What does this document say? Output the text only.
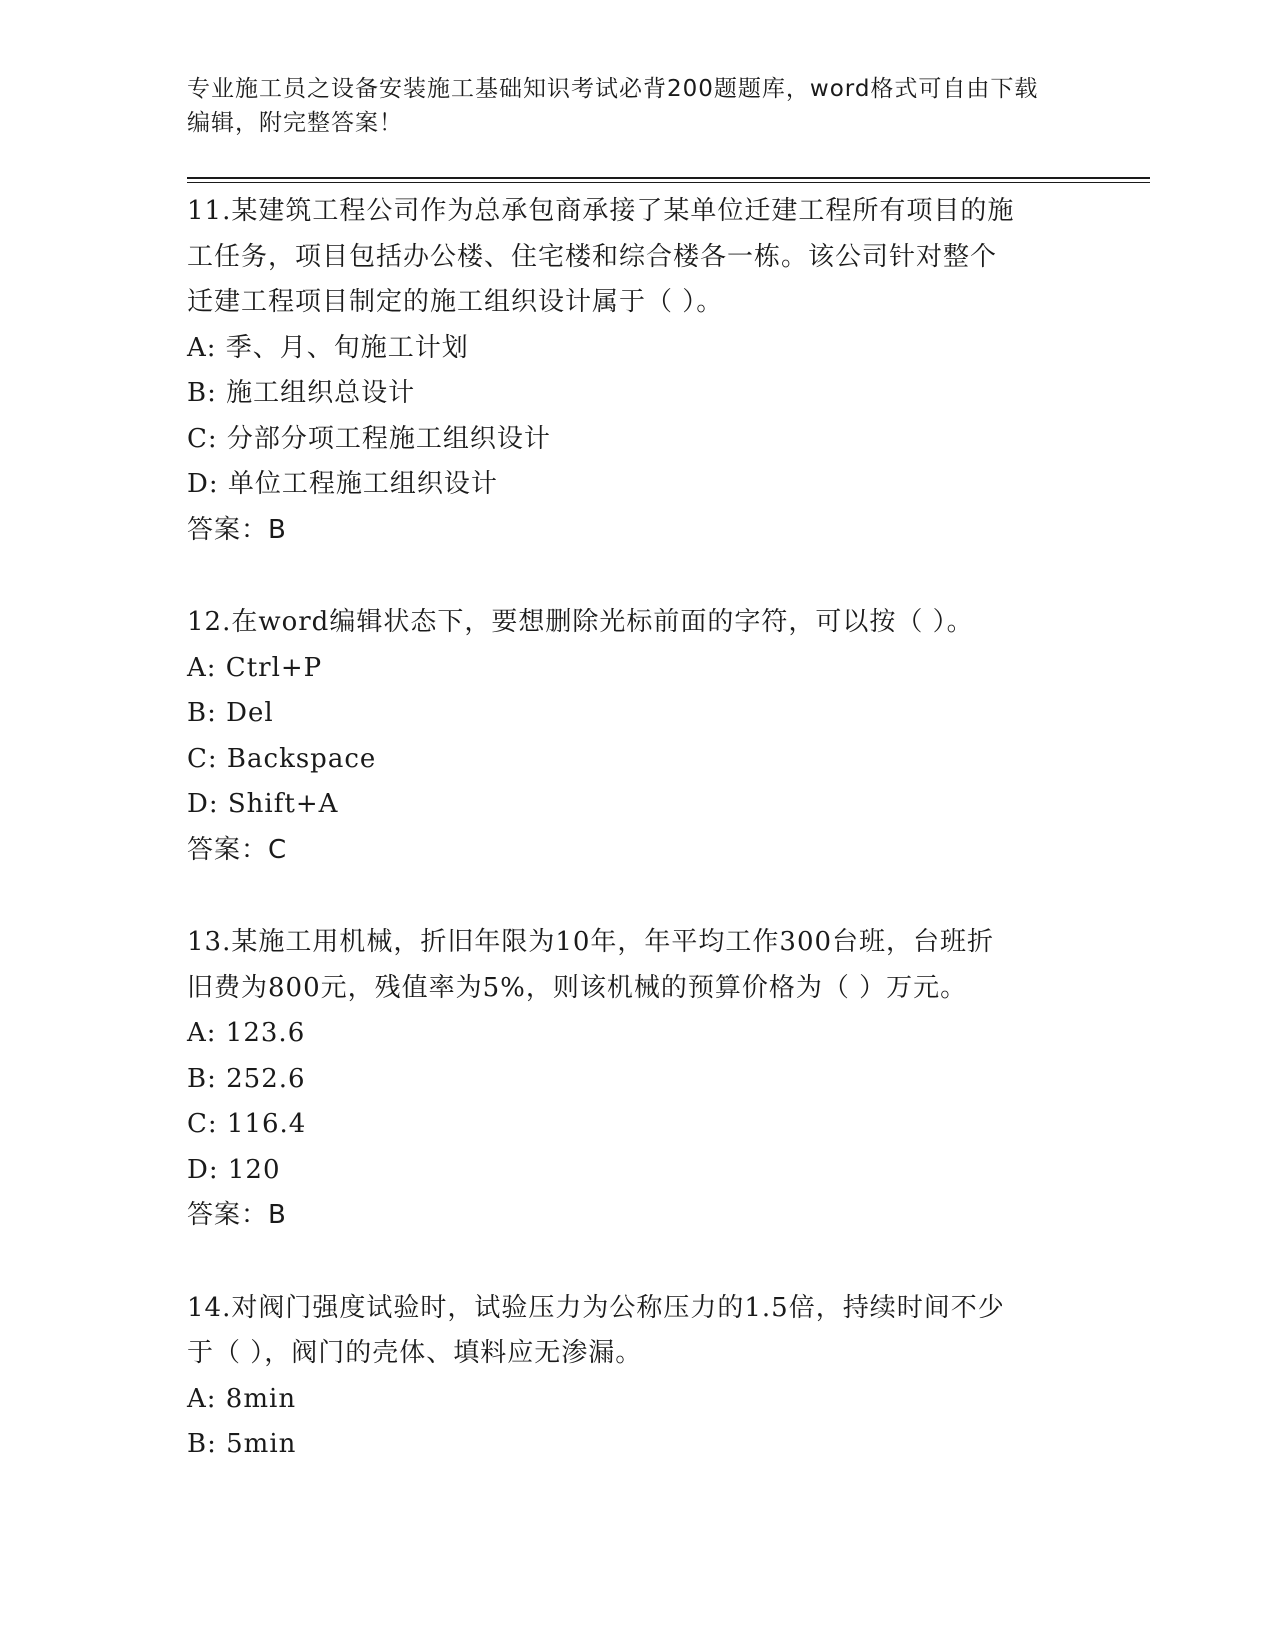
专业施工员之设备安装施工基础知识考试必背200题题库，word格式可自由下载
编辑，附完整答案！
11.某建筑工程公司作为总承包商承接了某单位迁建工程所有项目的施
工任务，项目包括办公楼、住宅楼和综合楼各一栋。该公司针对整个
迁建工程项目制定的施工组织设计属于（ ）。
A: 季、月、旬施工计划
B: 施工组织总设计
C: 分部分项工程施工组织设计
D: 单位工程施工组织设计
答案：B
12.在word编辑状态下，要想删除光标前面的字符，可以按（ ）。
A: Ctrl+P
B: Del
C: Backspace
D: Shift+A
答案：C
13.某施工用机械，折旧年限为10年，年平均工作300台班，台班折
旧费为800元，残值率为5%，则该机械的预算价格为（ ）万元。
A: 123.6
B: 252.6
C: 116.4
D: 120
答案：B
14.对阀门强度试验时，试验压力为公称压力的1.5倍，持续时间不少
于（ ），阀门的壳体、填料应无渗漏。
A: 8min
B: 5min
